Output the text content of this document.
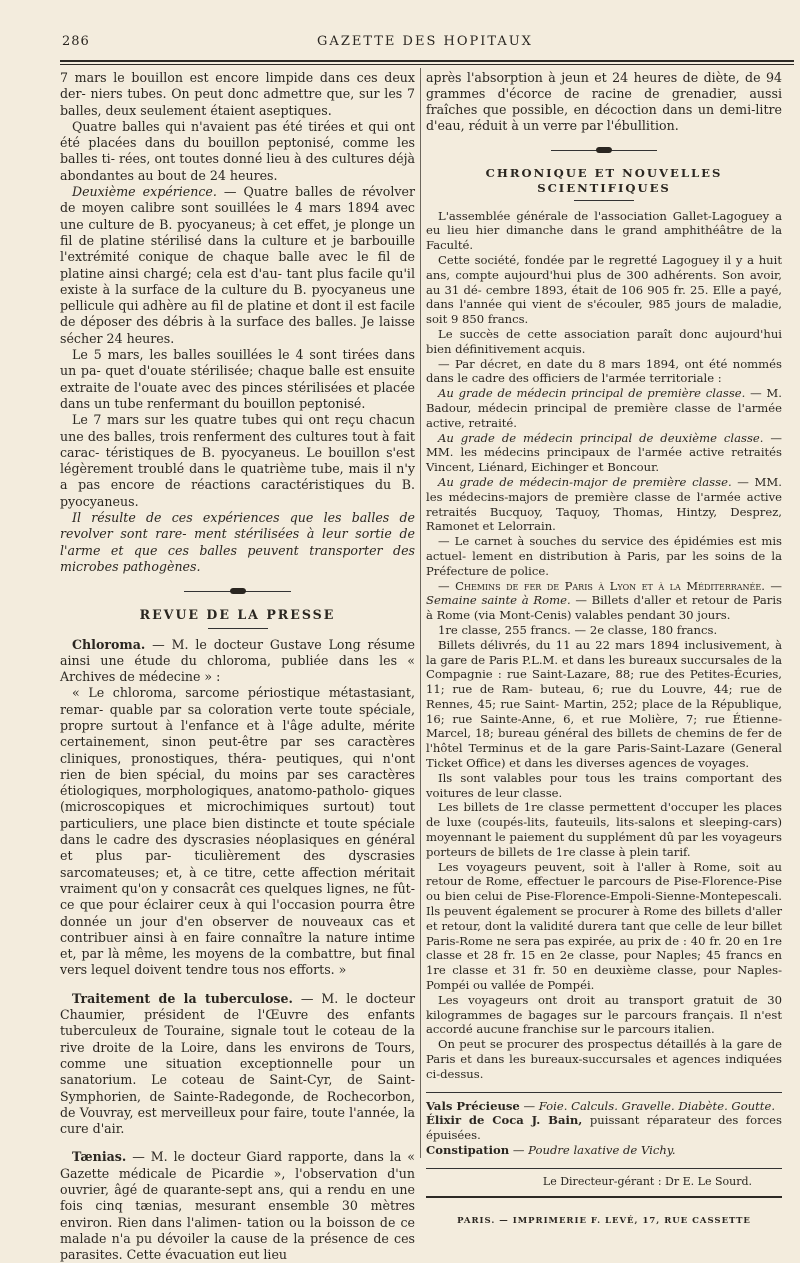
286	GAZETTE DES HOPITAUX

7 mars le bouillon est encore limpide dans ces deux der- niers tubes. On peut donc admettre que, sur les 7 balles, deux seulement étaient aseptiques.

Quatre balles qui n'avaient pas été tirées et qui ont été placées dans du bouillon peptonisé, comme les balles ti- rées, ont toutes donné lieu à des cultures déjà abondantes au bout de 24 heures.

Deuxième expérience. — Quatre balles de révolver de moyen calibre sont souillées le 4 mars 1894 avec une culture de B. pyocyaneus; à cet effet, je plonge un fil de platine stérilisé dans la culture et je barbouille l'extrémité conique de chaque balle avec le fil de platine ainsi chargé; cela est d'au- tant plus facile qu'il existe à la surface de la culture du B. pyocyaneus une pellicule qui adhère au fil de platine et dont il est facile de déposer des débris à la surface des balles. Je laisse sécher 24 heures.

Le 5 mars, les balles souillées le 4 sont tirées dans un pa- quet d'ouate stérilisée; chaque balle est ensuite extraite de l'ouate avec des pinces stérilisées et placée dans un tube renfermant du bouillon peptonisé.

Le 7 mars sur les quatre tubes qui ont reçu chacun une des balles, trois renferment des cultures tout à fait carac- téristiques de B. pyocyaneus. Le bouillon s'est légèrement troublé dans le quatrième tube, mais il n'y a pas encore de réactions caractéristiques du B. pyocyaneus.

Il résulte de ces expériences que les balles de revolver sont rare- ment stérilisées à leur sortie de l'arme et que ces balles peuvent transporter des microbes pathogènes.

REVUE DE LA PRESSE

Chloroma. — M. le docteur Gustave Long résume ainsi une étude du chloroma, publiée dans les « Archives de médecine » :

« Le chloroma, sarcome périostique métastasiant, remar- quable par sa coloration verte toute spéciale, propre surtout à l'enfance et à l'âge adulte, mérite certainement, sinon peut-être par ses caractères cliniques, pronostiques, théra- peutiques, qui n'ont rien de bien spécial, du moins par ses caractères étiologiques, morphologiques, anatomo-patholo- giques (microscopiques et microchimiques surtout) tout particuliers, une place bien distincte et toute spéciale dans le cadre des dyscrasies néoplasiques en général et plus par- ticulièrement des dyscrasies sarcomateuses; et, à ce titre, cette affection méritait vraiment qu'on y consacrât ces quelques lignes, ne fût-ce que pour éclairer ceux à qui l'occasion pourra être donnée un jour d'en observer de nouveaux cas et contribuer ainsi à en faire connaître la nature intime et, par là même, les moyens de la combattre, but final vers lequel doivent tendre tous nos efforts. »

Traitement de la tuberculose. — M. le docteur Chaumier, président de l'Œuvre des enfants tuberculeux de Touraine, signale tout le coteau de la rive droite de la Loire, dans les environs de Tours, comme une situation exceptionnelle pour un sanatorium. Le coteau de Saint-Cyr, de Saint- Symphorien, de Sainte-Radegonde, de Rochecorbon, de Vouvray, est merveilleux pour faire, toute l'année, la cure d'air.

Tænias. — M. le docteur Giard rapporte, dans la « Gazette médicale de Picardie », l'observation d'un ouvrier, âgé de quarante-sept ans, qui a rendu en une fois cinq tænias, mesurant ensemble 30 mètres environ. Rien dans l'alimen- tation ou la boisson de ce malade n'a pu dévoiler la cause de la présence de ces parasites. Cette évacuation eut lieu

après l'absorption à jeun et 24 heures de diète, de 94 grammes d'écorce de racine de grenadier, aussi fraîches que possible, en décoction dans un demi-litre d'eau, réduit à un verre par l'ébullition.

CHRONIQUE ET NOUVELLES SCIENTIFIQUES

L'assemblée générale de l'association Gallet-Lagoguey a eu lieu hier dimanche dans le grand amphithéâtre de la Faculté.

Cette société, fondée par le regretté Lagoguey il y a huit ans, compte aujourd'hui plus de 300 adhérents. Son avoir, au 31 dé- cembre 1893, était de 106 905 fr. 25. Elle a payé, dans l'année qui vient de s'écouler, 985 jours de maladie, soit 9 850 francs.

Le succès de cette association paraît donc aujourd'hui bien définitivement acquis.

— Par décret, en date du 8 mars 1894, ont été nommés dans le cadre des officiers de l'armée territoriale :

Au grade de médecin principal de première classe. — M. Badour, médecin principal de première classe de l'armée active, retraité.

Au grade de médecin principal de deuxième classe. — MM. les médecins principaux de l'armée active retraités Vincent, Liénard, Eichinger et Boncour.

Au grade de médecin-major de première classe. — MM. les médecins-majors de première classe de l'armée active retraités Bucquoy, Taquoy, Thomas, Hintzy, Desprez, Ramonet et Lelorrain.

— Le carnet à souches du service des épidémies est mis actuel- lement en distribution à Paris, par les soins de la Préfecture de police.

— Chemins de fer de Paris à Lyon et à la Méditerranée. — Semaine sainte à Rome. — Billets d'aller et retour de Paris à Rome (via Mont-Cenis) valables pendant 30 jours.

1re classe, 255 francs. — 2e classe, 180 francs.

Billets délivrés, du 11 au 22 mars 1894 inclusivement, à la gare de Paris P.L.M. et dans les bureaux succursales de la Compagnie : rue Saint-Lazare, 88; rue des Petites-Écuries, 11; rue de Ram- buteau, 6; rue du Louvre, 44; rue de Rennes, 45; rue Saint- Martin, 252; place de la République, 16; rue Sainte-Anne, 6, et rue Molière, 7; rue Étienne-Marcel, 18; bureau général des billets de chemins de fer de l'hôtel Terminus et de la gare Paris-Saint-Lazare (General Ticket Office) et dans les diverses agences de voyages.

Ils sont valables pour tous les trains comportant des voitures de leur classe.

Les billets de 1re classe permettent d'occuper les places de luxe (coupés-lits, fauteuils, lits-salons et sleeping-cars) moyennant le paiement du supplément dû par les voyageurs porteurs de billets de 1re classe à plein tarif.

Les voyageurs peuvent, soit à l'aller à Rome, soit au retour de Rome, effectuer le parcours de Pise-Florence-Pise ou bien celui de Pise-Florence-Empoli-Sienne-Montepescali. Ils peuvent également se procurer à Rome des billets d'aller et retour, dont la validité durera tant que celle de leur billet Paris-Rome ne sera pas expirée, au prix de : 40 fr. 20 en 1re classe et 28 fr. 15 en 2e classe, pour Naples; 45 francs en 1re classe et 31 fr. 50 en deuxième classe, pour Naples-Pompéi ou vallée de Pompéi.

Les voyageurs ont droit au transport gratuit de 30 kilogrammes de bagages sur le parcours français. Il n'est accordé aucune franchise sur le parcours italien.

On peut se procurer des prospectus détaillés à la gare de Paris et dans les bureaux-succursales et agences indiquées ci-dessus.

Vals Précieuse — Foie. Calculs. Gravelle. Diabète. Goutte.

Élixir de Coca J. Bain, puissant réparateur des forces épuisées.

Constipation — Poudre laxative de Vichy.

Le Directeur-gérant : Dr E. Le Sourd.
PARIS. — IMPRIMERIE F. LEVÉ, 17, RUE CASSETTE
